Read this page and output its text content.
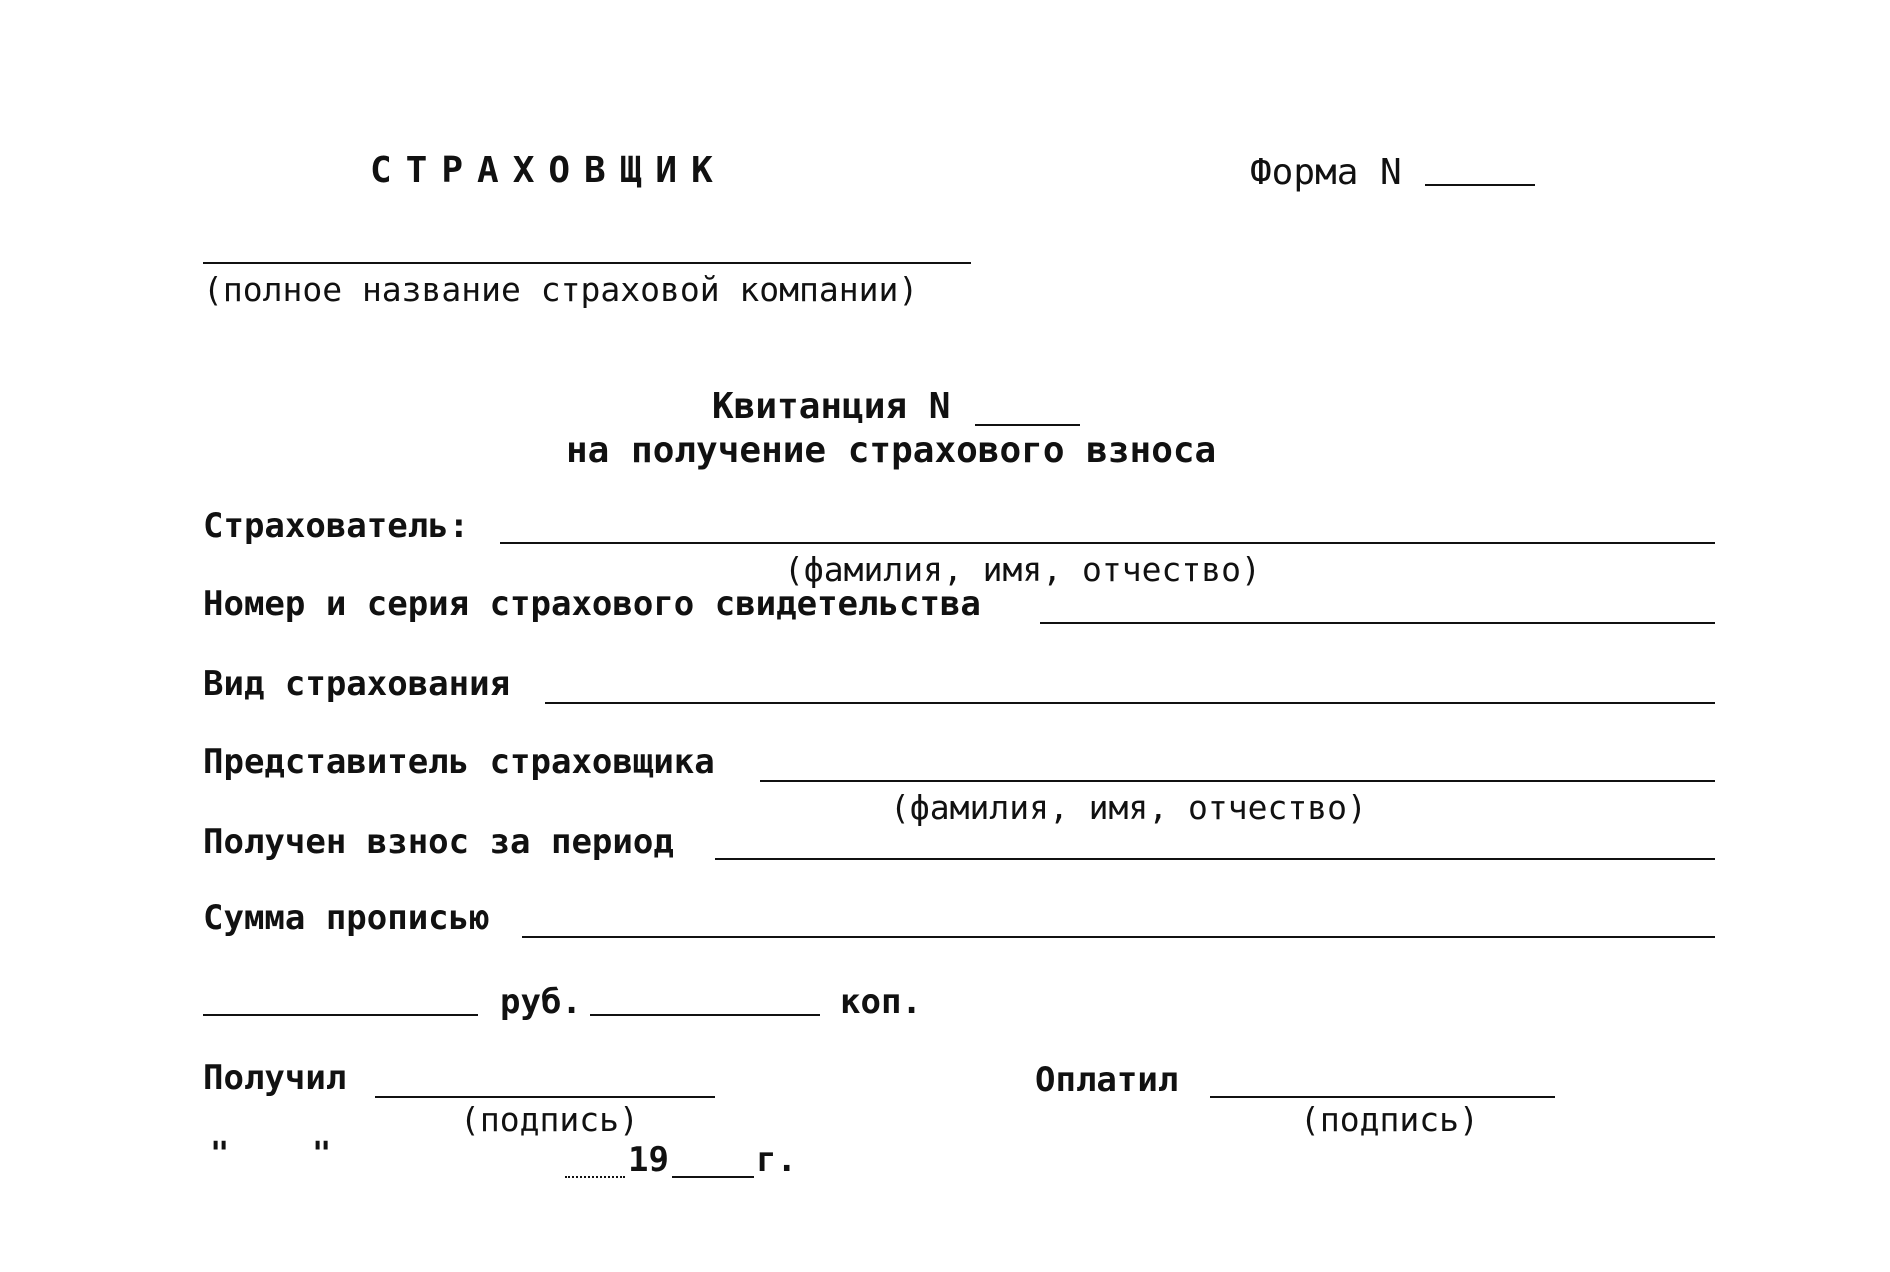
СТРАХОВЩИК	Форма N
(полное название страховой компании)
Квитанция N
на получение страхового взноса
Страхователь:
(фамилия, имя, отчество)
Номер и серия страхового свидетельства
Вид страхования
Представитель страховщика
(фамилия, имя, отчество)
Получен взнос за период
Сумма прописью
руб.	коп.
Получил
(подпись)
Оплатил
(подпись)
"	"	19	г.
